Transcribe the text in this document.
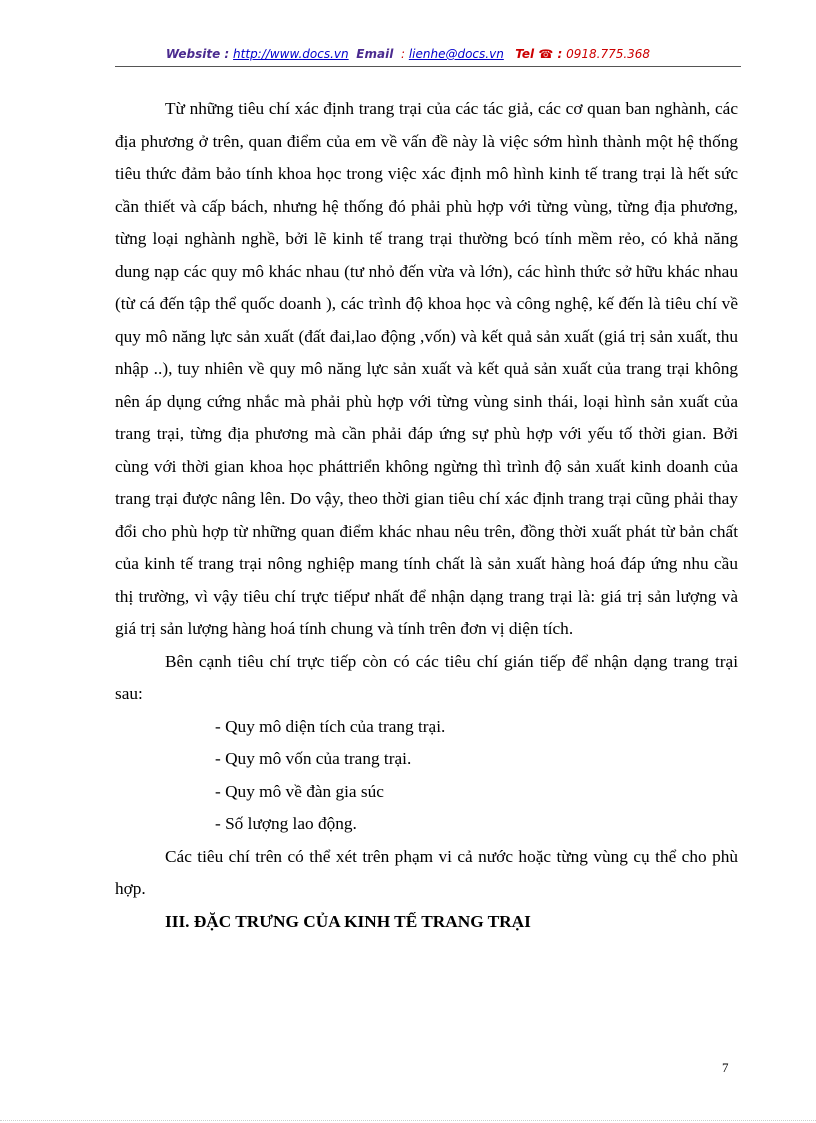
Website : http://www.docs.vn Email : lienhe@docs.vn Tel ☎ : 0918.775.368

Từ những tiêu chí xác định trang trại của các tác giả, các cơ quan ban nghành, các địa phương ở trên, quan điểm của em về vấn đề này là việc sớm hình thành một hệ thống tiêu thức đảm bảo tính khoa học trong việc xác định mô hình kinh tế trang trại là hết sức cần thiết và cấp bách, nhưng hệ thống đó phải phù hợp với từng vùng, từng địa phương, từng loại nghành nghề, bởi lẽ kinh tế trang trại thường bcó tính mềm rẻo, có khả năng dung nạp các quy mô khác nhau (tư nhỏ đến vừa và lớn), các hình thức sở hữu khác nhau (từ cá đến tập thể quốc doanh ), các trình độ khoa học và công nghệ, kế đến là tiêu chí về quy mô năng lực sản xuất (đất đai,lao động ,vốn) và kết quả sản xuất (giá trị sản xuất, thu nhập ..), tuy nhiên về quy mô năng lực sản xuất và kết quả sản xuất của trang trại không nên áp dụng cứng nhắc mà phải phù hợp với từng vùng sinh thái, loại hình sản xuất của trang trại, từng địa phương mà cần phải đáp ứng sự phù hợp với yếu tố thời gian. Bởi cùng với thời gian khoa học pháttriển không ngừng thì trình độ sản xuất kinh doanh của trang trại được nâng lên. Do vậy, theo thời gian tiêu chí xác định trang trại cũng phải thay đổi cho phù hợp từ những quan điểm khác nhau nêu trên, đồng thời xuất phát từ bản chất của kinh tế trang trại nông nghiệp mang tính chất là sản xuất hàng hoá đáp ứng nhu cầu thị trường, vì vậy tiêu chí trực tiếpư nhất để nhận dạng trang trại là: giá trị sản lượng và giá trị sản lượng hàng hoá tính chung và tính trên đơn vị diện tích.

Bên cạnh tiêu chí trực tiếp còn có các tiêu chí gián tiếp để nhận dạng trang trại sau:

- Quy mô diện tích của trang trại.

- Quy mô vốn của trang trại.

- Quy mô về đàn gia súc

- Số lượng lao động.

Các tiêu chí trên có thể xét trên phạm vi cả nước hoặc từng vùng cụ thể cho phù hợp.

III. ĐẶC TRƯNG CỦA KINH TẾ TRANG TRẠI
7
